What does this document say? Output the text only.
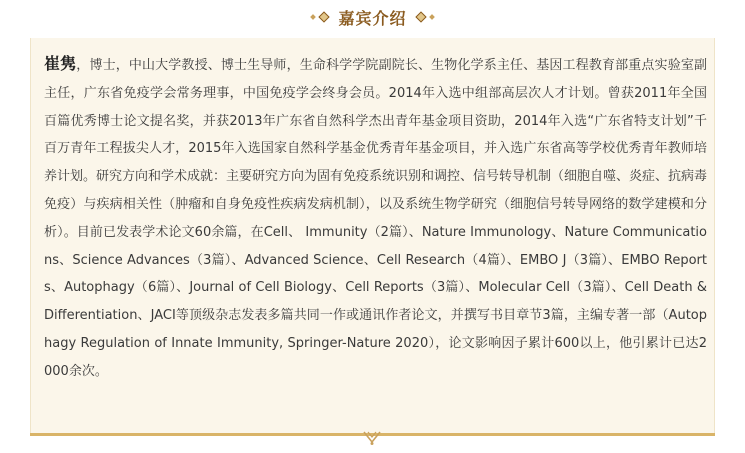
嘉宾介绍
崔隽，博士，中山大学教授、博士生导师，生命科学学院副院长、生物化学系主任、基因工程教育部重点实验室副主任，广东省免疫学会常务理事，中国免疫学会终身会员。2014年入选中组部高层次人才计划。曾获2011年全国百篇优秀博士论文提名奖，并获2013年广东省自然科学杰出青年基金项目资助，2014年入选“广东省特支计划”千百万青年工程拔尖人才，2015年入选国家自然科学基金优秀青年基金项目，并入选广东省高等学校优秀青年教师培养计划。研究方向和学术成就：主要研究方向为固有免疫系统识别和调控、信号转导机制（细胞自噬、炎症、抗病毒免疫）与疾病相关性（肿瘤和自身免疫性疾病发病机制），以及系统生物学研究（细胞信号转导网络的数学建模和分析）。目前已发表学术论文60余篇，在Cell、 Immunity（2篇）、Nature Immunology、Nature Communications、Science Advances（3篇）、Advanced Science、Cell Research（4篇）、EMBO J（3篇）、EMBO Reports、Autophagy（6篇）、Journal of Cell Biology、Cell Reports（3篇）、Molecular Cell（3篇）、Cell Death & Differentiation、JACI等顶级杂志发表多篇共同一作或通讯作者论文，并撰写书目章节3篇，主编专著一部（Autophagy Regulation of Innate Immunity, Springer-Nature 2020），论文影响因子累计600以上，他引累计已达2000余次。
